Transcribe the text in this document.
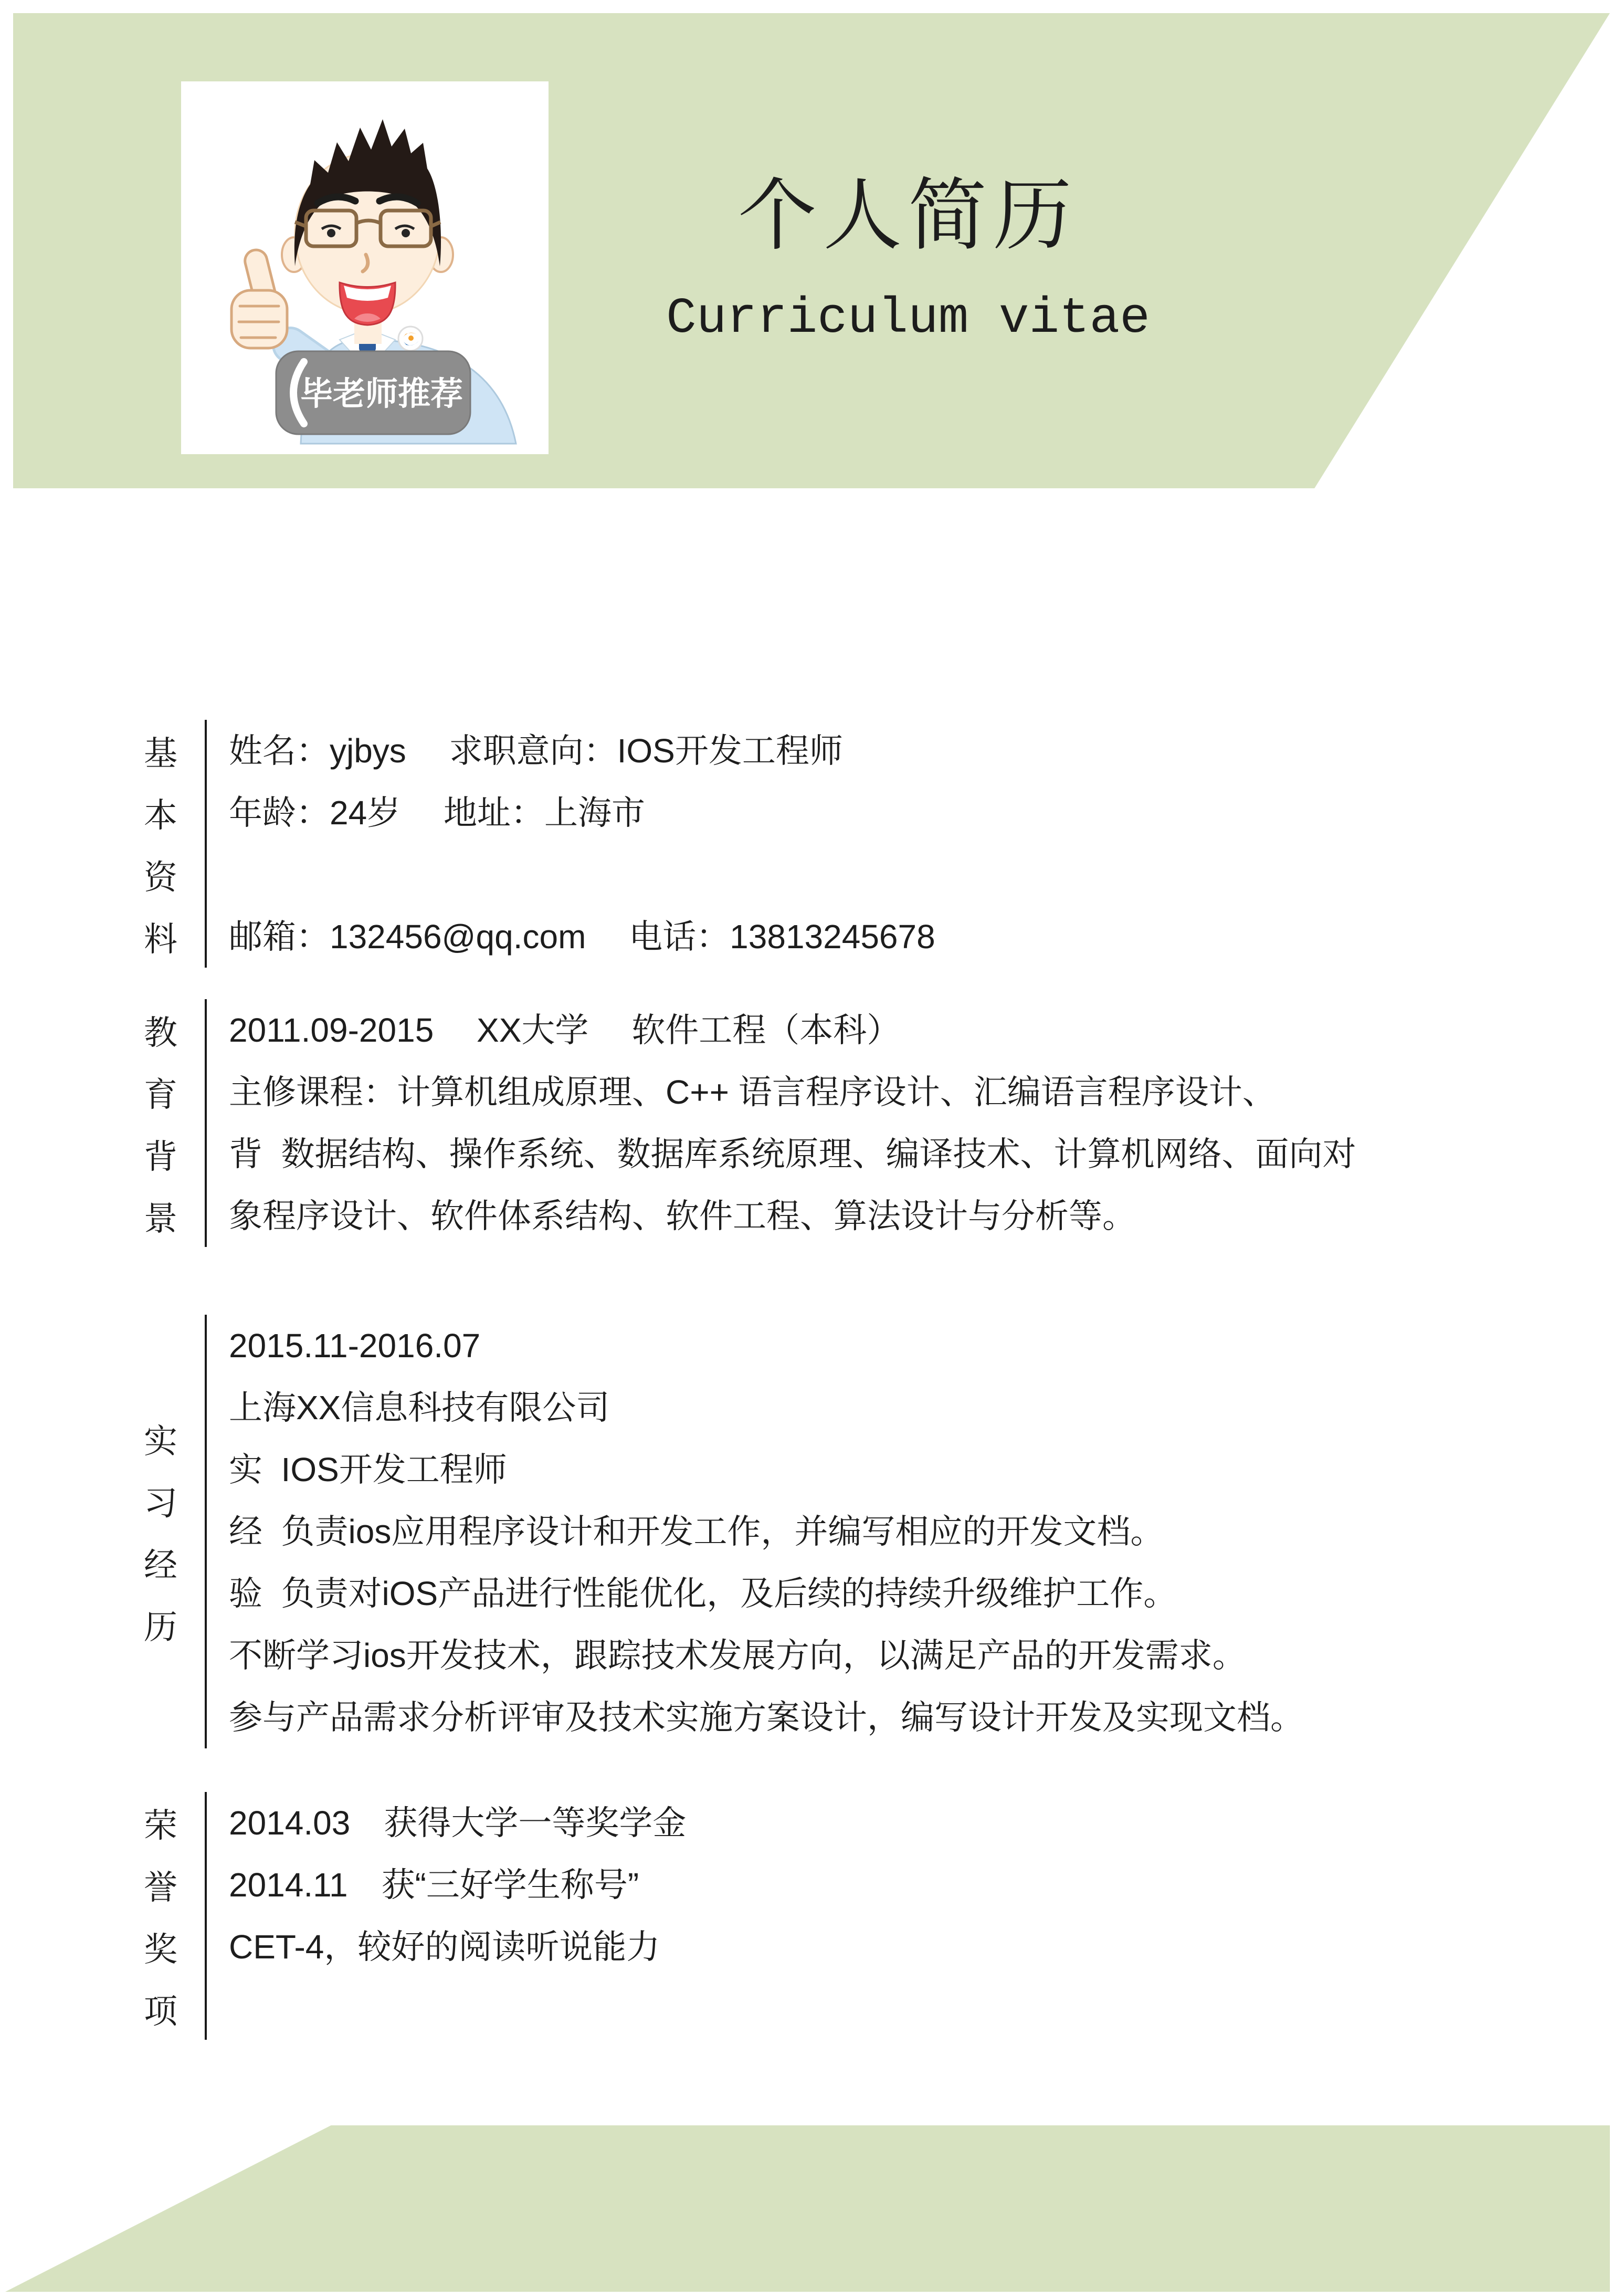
毕老师推荐
个人简历
Curriculum vitae
基
本
资
料
姓名：yjbys　 求职意向：IOS开发工程师
年龄：24岁　 地址：上海市
邮箱：132456@qq.com　 电话：13813245678
教
育
背
景
2011.09-2015　 XX大学　 软件工程（本科）
主修课程：计算机组成原理、C++ 语言程序设计、汇编语言程序设计、
背  数据结构、操作系统、数据库系统原理、编译技术、计算机网络、面向对
象程序设计、软件体系结构、软件工程、算法设计与分析等。
实
习
经
历
2015.11-2016.07
上海XX信息科技有限公司
实  IOS开发工程师
经  负责ios应用程序设计和开发工作，并编写相应的开发文档。
验  负责对iOS产品进行性能优化，及后续的持续升级维护工作。
不断学习ios开发技术，跟踪技术发展方向，以满足产品的开发需求。
参与产品需求分析评审及技术实施方案设计，编写设计开发及实现文档。
荣
誉
奖
项
2014.03　获得大学一等奖学金
2014.11　获“三好学生称号”
CET-4，较好的阅读听说能力
